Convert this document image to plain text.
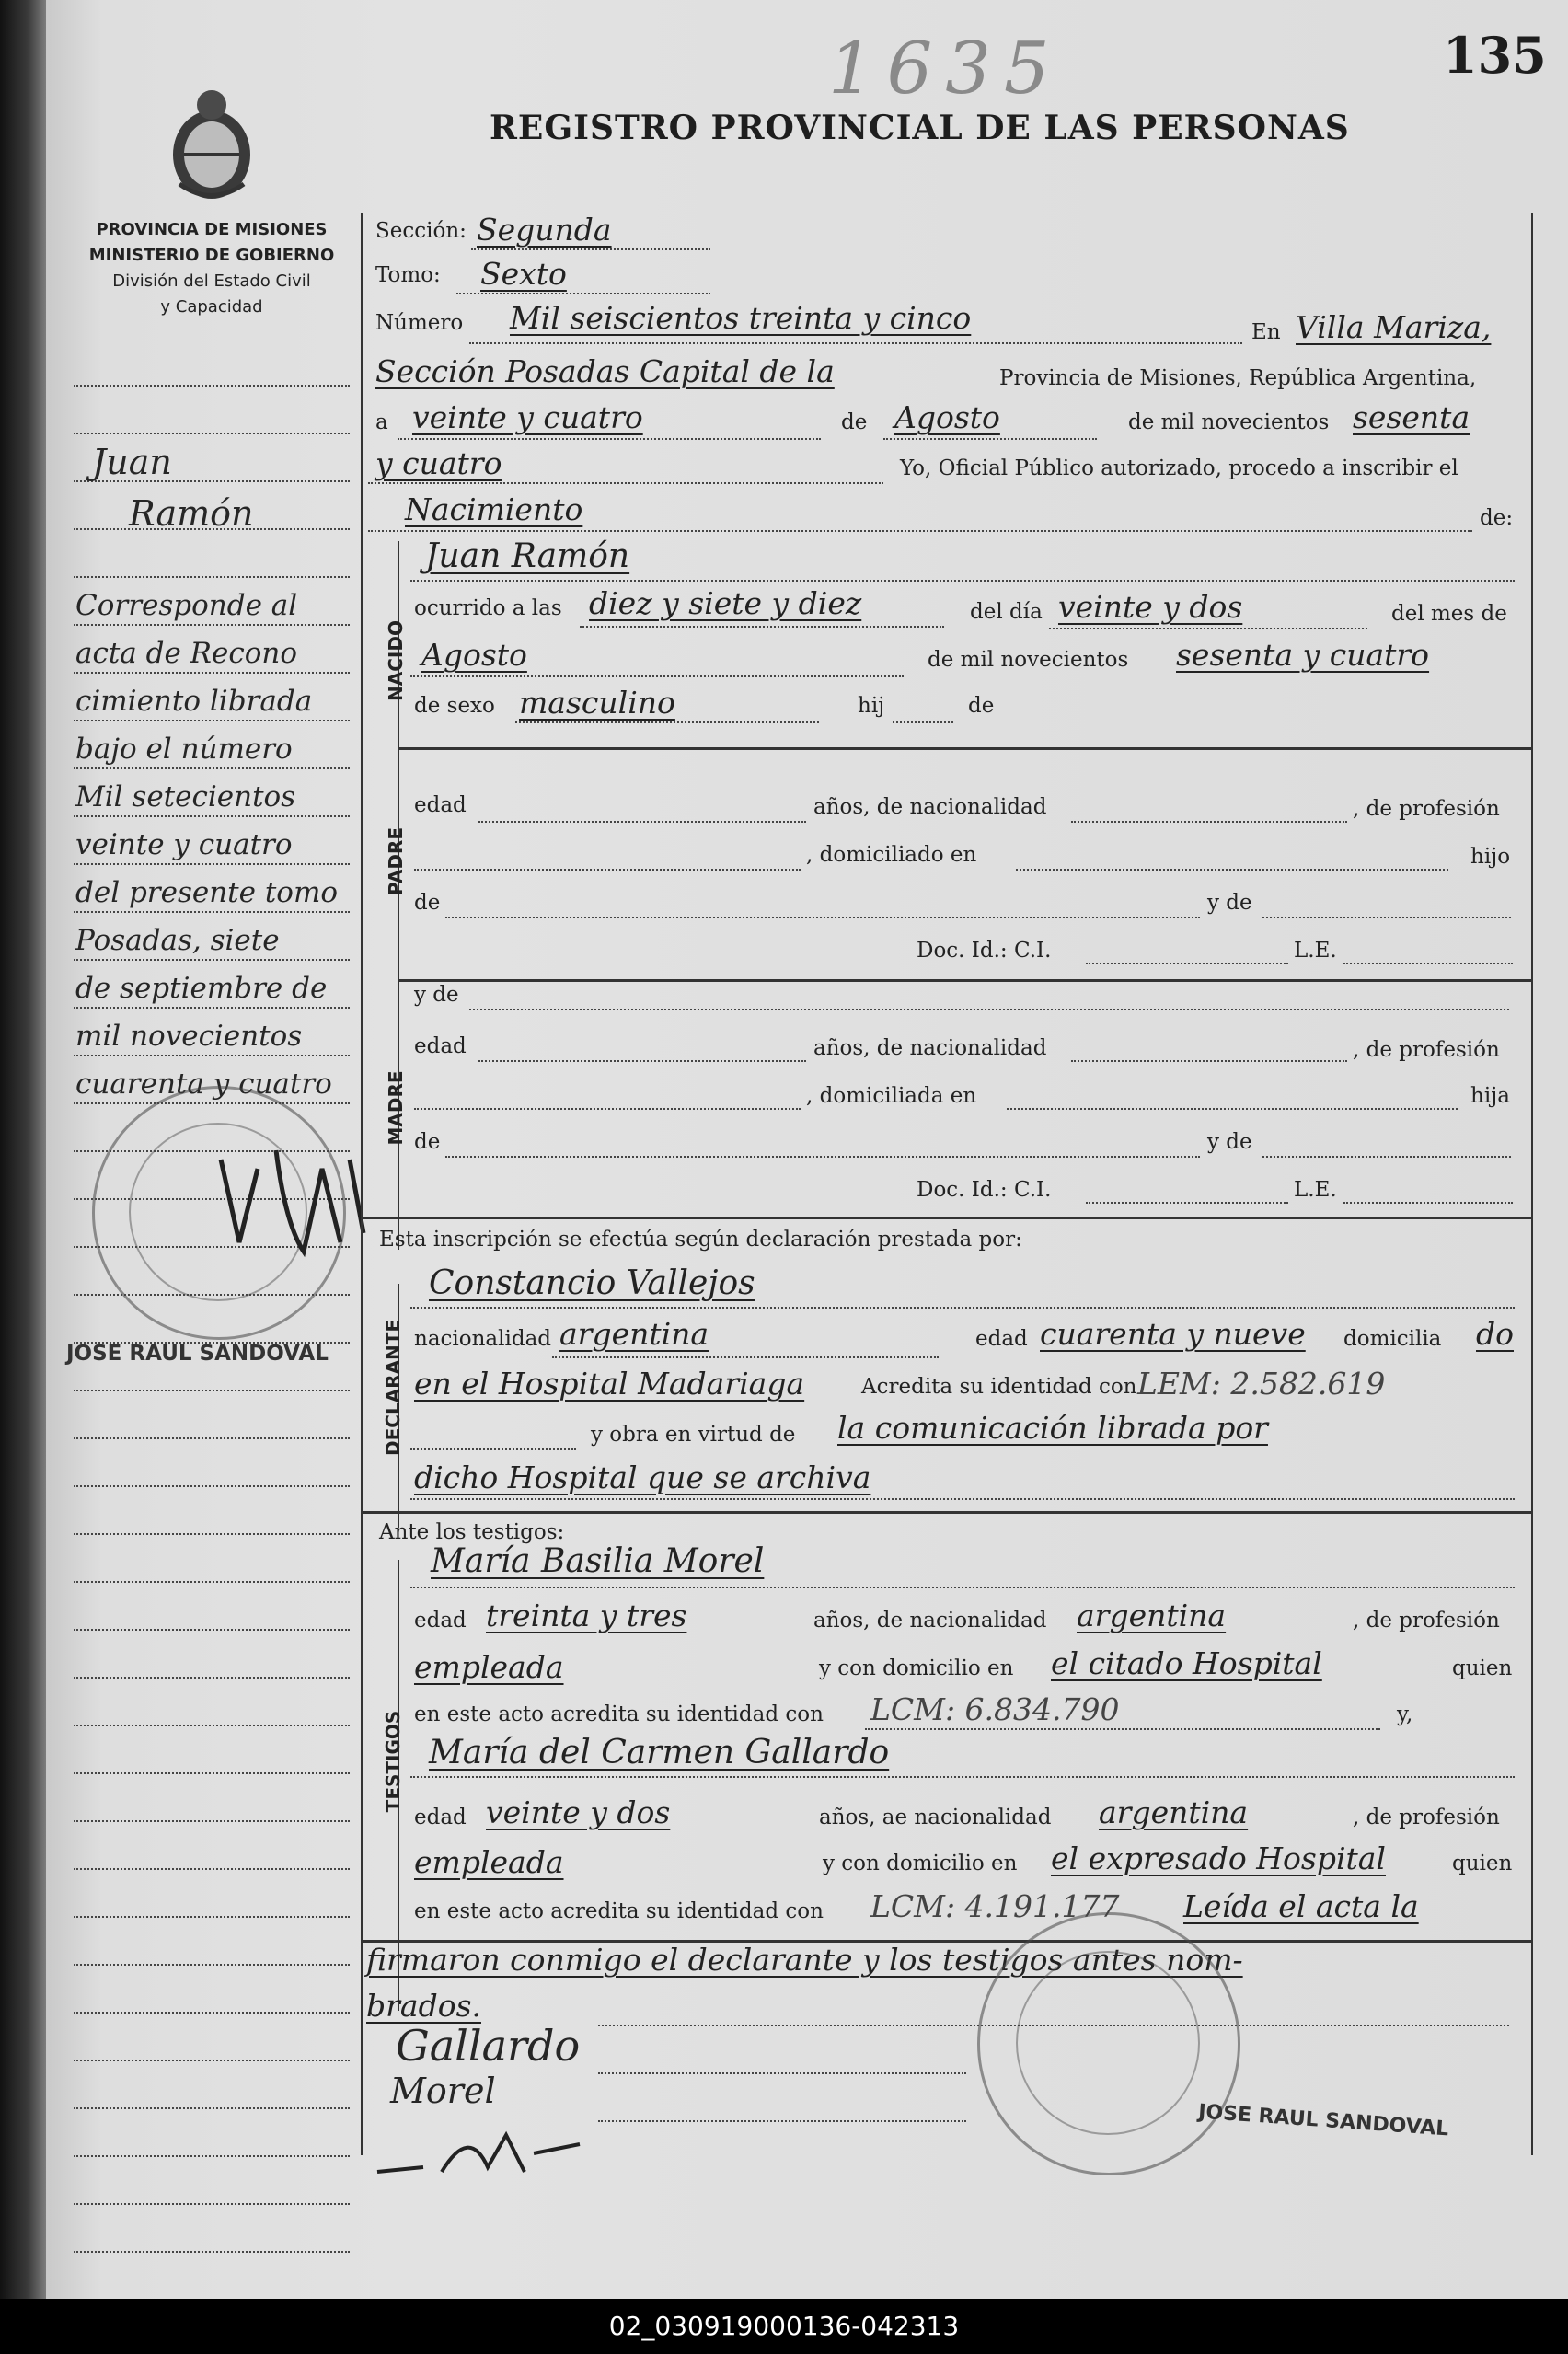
135
1635
REGISTRO PROVINCIAL DE LAS PERSONAS
PROVINCIA DE MISIONES
MINISTERIO DE GOBIERNO
División del Estado Civil
y Capacidad
Juan
Ramón
Corresponde al
acta de Recono
cimiento librada
bajo el número
Mil setecientos
veinte y cuatro
del presente tomo
Posadas, siete
de septiembre de
mil novecientos
cuarenta y cuatro
JOSE RAUL SANDOVAL
NACIDO
PADRE
MADRE
DECLARANTE
TESTIGOS
Sección: Segunda
Tomo: Sexto
Número Mil seiscientos treinta y cinco	En Villa Mariza,
Sección Posadas Capital de la	Provincia de Misiones, República Argentina,
a veinte y cuatro	de Agosto	de mil novecientos sesenta
y cuatro	Yo, Oficial Público autorizado, procedo a inscribir el
Nacimiento	de:
Juan Ramón
ocurrido a las diez y siete y diez	del día veinte y dos	del mes de
Agosto	de mil novecientos sesenta y cuatro
de sexo masculino	hij	de
edad	años, de nacionalidad	, de profesión
, domiciliado en	hijo
de	y de
Doc. Id.: C.I.	L.E.
y de
edad	años, de nacionalidad	, de profesión
, domiciliada en	hija
de	y de
Doc. Id.: C.I.	L.E.
Esta inscripción se efectúa según declaración prestada por:
Constancio Vallejos
nacionalidad argentina	edad cuarenta y nueve domicilia do
en el Hospital Madariaga	Acredita su identidad con LEM: 2.582.619
y obra en virtud de la comunicación librada por
dicho Hospital que se archiva
Ante los testigos:
María Basilia Morel
edad treinta y tres	años, de nacionalidad argentina	, de profesión
empleada	y con domicilio en el citado Hospital	quien
en este acto acredita su identidad con LCM: 6.834.790	y,
María del Carmen Gallardo
edad veinte y dos	años, ae nacionalidad argentina	, de profesión
empleada	y con domicilio en el expresado Hospital	quien
en este acto acredita su identidad con LCM: 4.191.177 Leída el acta la
firmaron conmigo el declarante y los testigos antes nom-
brados.
Gallardo
Morel
JOSE RAUL SANDOVAL
02_030919000136-042313
